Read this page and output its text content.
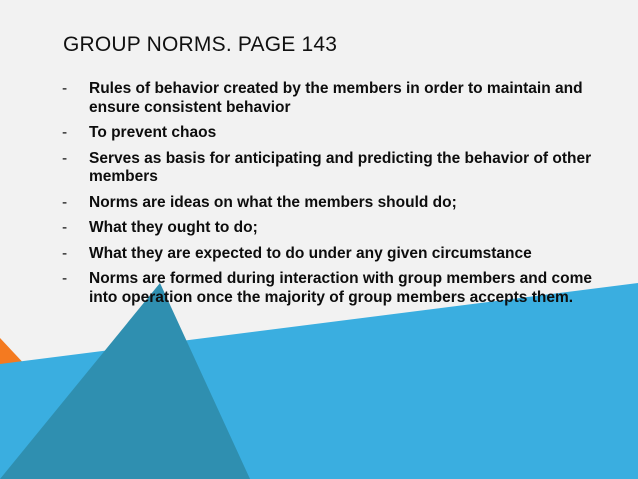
GROUP NORMS. PAGE 143
- Rules of behavior created by the members in order to maintain and ensure consistent behavior
- To prevent chaos
- Serves as basis for anticipating and predicting the behavior of other members
- Norms are ideas on what the members should do;
- What they ought to do;
- What they are expected to do under any given circumstance
- Norms are formed during interaction with group members and come into operation once the majority of group members accepts them.
